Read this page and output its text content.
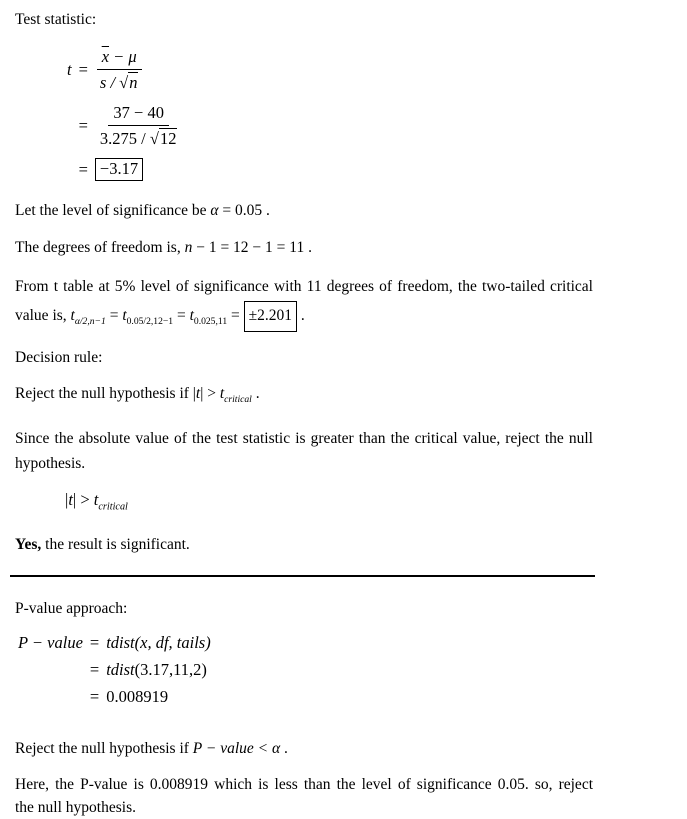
Test statistic:

$t = \frac{\overline{x} - \mu}{s / √n}$
= $\frac{37 - 40}{3.275 / √12}$
= −3.17

Let the level of significance be α = 0.05 .

The degrees of freedom is, n − 1 = 12 − 1 = 11 .

From t table at 5% level of significance with 11 degrees of freedom, the two-tailed criticalvalue is, $t_{\alpha/2,n-1} = t_{0.05/2,12-1} = t_{0.025,11} = \pm 2.201$ .

Decision rule:

Reject the null hypothesis if $|t| > t_{critical}$ .

Since the absolute value of the test statistic is greater than the critical value, reject the nullhypothesis.

$|t| > t_{critical}$

Yes, the result is significant.

P-value approach:

P − value = tdist(x, df, tails)
= tdist(3.17,11,2)
= 0.008919

Reject the null hypothesis if P − value < α .

Here, the P-value is 0.008919 which is less than the level of significance 0.05. so, rejectthe null hypothesis.
